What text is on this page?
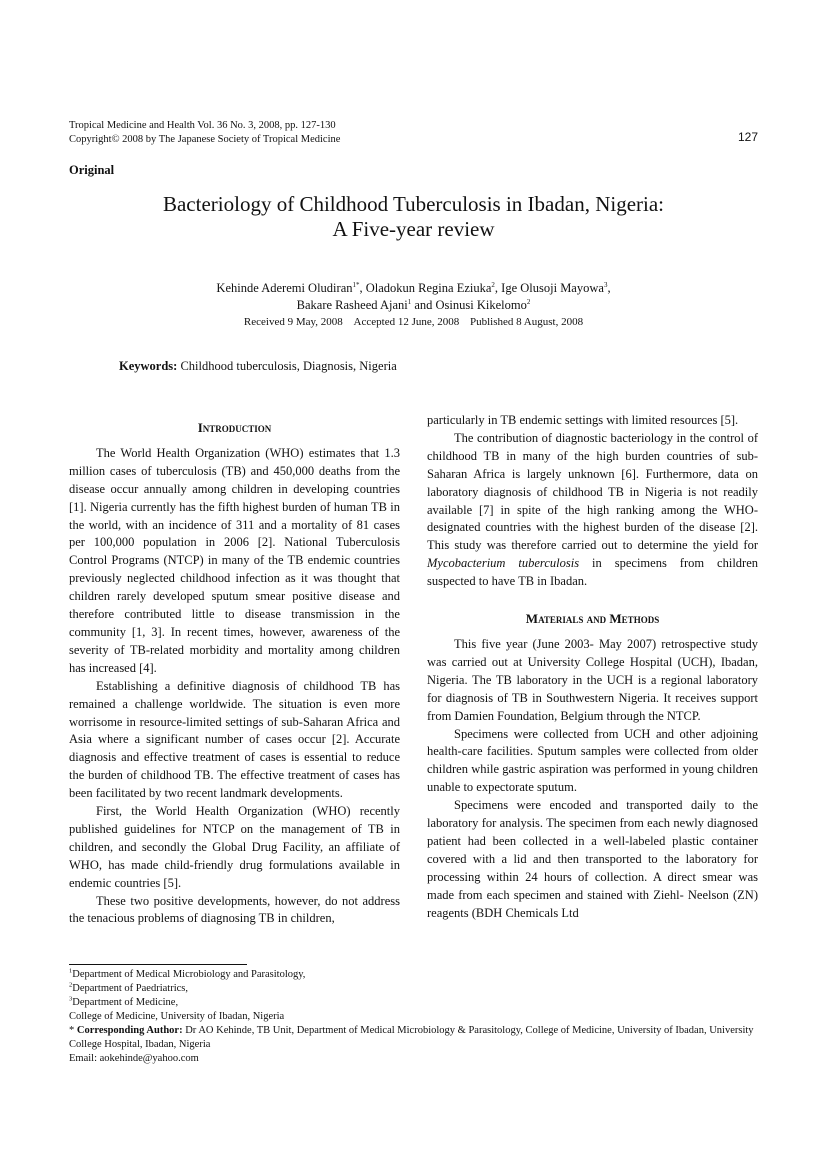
Tropical Medicine and Health Vol. 36 No. 3, 2008, pp. 127-130
Copyright© 2008 by The Japanese Society of Tropical Medicine	127
Original
Bacteriology of Childhood Tuberculosis in Ibadan, Nigeria:
A Five-year review
Kehinde Aderemi Oludiran$^{1*}$, Oladokun Regina Eziuka$^2$, Ige Olusoji Mayowa$^3$,
Bakare Rasheed Ajani$^1$ and Osinusi Kikelomo$^2$
Received 9 May, 2008 Accepted 12 June, 2008 Published 8 August, 2008
Keywords: Childhood tuberculosis, Diagnosis, Nigeria
Introduction

The World Health Organization (WHO) estimates that 1.3 million cases of tuberculosis (TB) and 450,000 deaths from the disease occur annually among children in developing countries [1]. Nigeria currently has the fifth highest burden of human TB in the world, with an incidence of 311 and a mortality of 81 cases per 100,000 population in 2006 [2]. National Tuberculosis Control Programs (NTCP) in many of the TB endemic countries previously neglected childhood infection as it was thought that children rarely developed sputum smear positive disease and therefore contributed little to disease transmission in the community [1, 3]. In recent times, however, awareness of the severity of TB-related morbidity and mortality among children has increased [4].

Establishing a definitive diagnosis of childhood TB has remained a challenge worldwide. The situation is even more worrisome in resource-limited settings of sub-Saharan Africa and Asia where a significant number of cases occur [2]. Accurate diagnosis and effective treatment of cases is essential to reduce the burden of childhood TB. The effective treatment of cases has been facilitated by two recent landmark developments.

First, the World Health Organization (WHO) recently published guidelines for NTCP on the management of TB in children, and secondly the Global Drug Facility, an affiliate of WHO, has made child-friendly drug formulations available in endemic countries [5].

These two positive developments, however, do not address the tenacious problems of diagnosing TB in children,

particularly in TB endemic settings with limited resources [5].

The contribution of diagnostic bacteriology in the control of childhood TB in many of the high burden countries of sub-Saharan Africa is largely unknown [6]. Furthermore, data on laboratory diagnosis of childhood TB in Nigeria is not readily available [7] in spite of the high ranking among the WHO-designated countries with the highest burden of the disease [2]. This study was therefore carried out to determine the yield for Mycobacterium tuberculosis in specimens from children suspected to have TB in Ibadan.

Materials and Methods

This five year (June 2003- May 2007) retrospective study was carried out at University College Hospital (UCH), Ibadan, Nigeria. The TB laboratory in the UCH is a regional laboratory for diagnosis of TB in Southwestern Nigeria. It receives support from Damien Foundation, Belgium through the NTCP.

Specimens were collected from UCH and other adjoining health-care facilities. Sputum samples were collected from older children while gastric aspiration was performed in young children unable to expectorate sputum.

Specimens were encoded and transported daily to the laboratory for analysis. The specimen from each newly diagnosed patient had been collected in a well-labeled plastic container covered with a lid and then transported to the laboratory for processing within 24 hours of collection. A direct smear was made from each specimen and stained with Ziehl- Neelson (ZN) reagents (BDH Chemicals Ltd

$^1$Department of Medical Microbiology and Parasitology,
$^2$Department of Paedriatrics,
$^3$Department of Medicine,
College of Medicine, University of Ibadan, Nigeria
* Corresponding Author: Dr AO Kehinde, TB Unit, Department of Medical Microbiology & Parasitology, College of Medicine, University of Ibadan, University College Hospital, Ibadan, Nigeria
Email: aokehinde@yahoo.com
